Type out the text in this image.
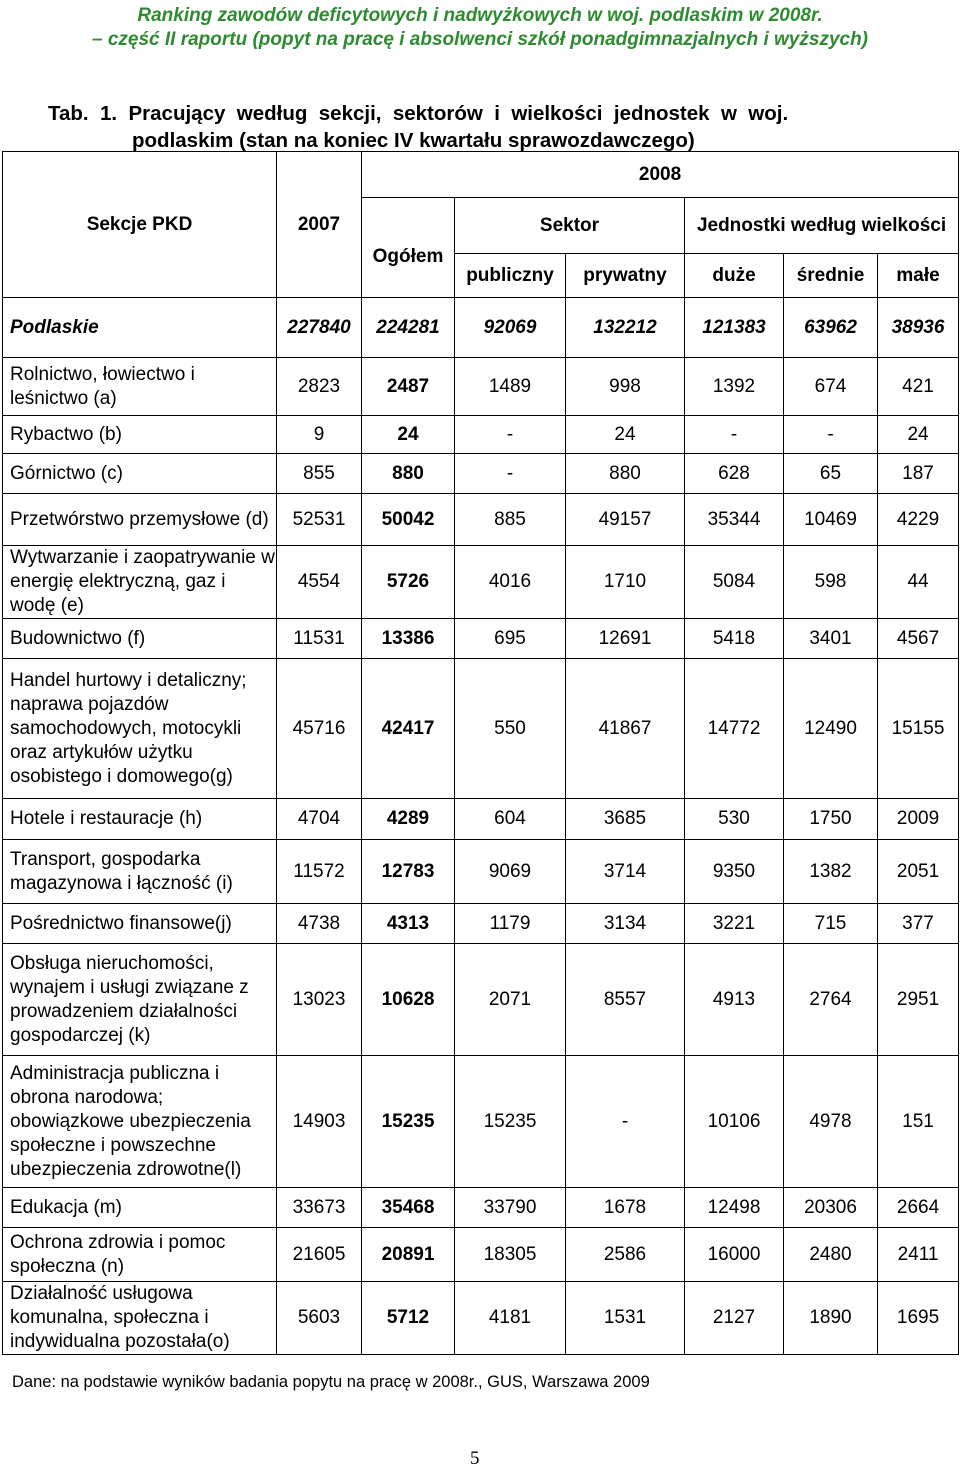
Ranking zawodów deficytowych i nadwyżkowych w woj. podlaskim w 2008r.
– część II raportu (popyt na pracę i absolwenci szkół ponadgimnazjalnych i wyższych)
Tab.  1.  Pracujący  według  sekcji,  sektorów  i  wielkości  jednostek  w  woj.
podlaskim (stan na koniec IV kwartału sprawozdawczego)
Sekcje PKD	2007	2008					
		Ogółem	Sektor		Jednostki według wielkości		
			publiczny	prywatny	duże	średnie	małe
Podlaskie	227840	224281	92069	132212	121383	63962	38936
Rolnictwo, łowiectwo i leśnictwo (a)	2823	2487	1489	998	1392	674	421
Rybactwo (b)	9	24	-	24	-	-	24
Górnictwo (c)	855	880	-	880	628	65	187
Przetwórstwo przemysłowe (d)	52531	50042	885	49157	35344	10469	4229
Wytwarzanie i zaopatrywanie w energię elektryczną, gaz i wodę (e)	4554	5726	4016	1710	5084	598	44
Budownictwo (f)	11531	13386	695	12691	5418	3401	4567
Handel hurtowy i detaliczny; naprawa pojazdów samochodowych, motocykli oraz artykułów użytku osobistego i domowego(g)	45716	42417	550	41867	14772	12490	15155
Hotele i restauracje (h)	4704	4289	604	3685	530	1750	2009
Transport, gospodarka magazynowa i łączność (i)	11572	12783	9069	3714	9350	1382	2051
Pośrednictwo finansowe(j)	4738	4313	1179	3134	3221	715	377
Obsługa nieruchomości, wynajem i usługi związane z prowadzeniem działalności gospodarczej (k)	13023	10628	2071	8557	4913	2764	2951
Administracja publiczna i obrona narodowa; obowiązkowe ubezpieczenia społeczne i powszechne ubezpieczenia zdrowotne(l)	14903	15235	15235	-	10106	4978	151
Edukacja (m)	33673	35468	33790	1678	12498	20306	2664
Ochrona zdrowia i pomoc społeczna (n)	21605	20891	18305	2586	16000	2480	2411
Działalność usługowa komunalna, społeczna i indywidualna pozostała(o)	5603	5712	4181	1531	2127	1890	1695
Dane: na podstawie wyników badania popytu na pracę w 2008r., GUS, Warszawa 2009
5
